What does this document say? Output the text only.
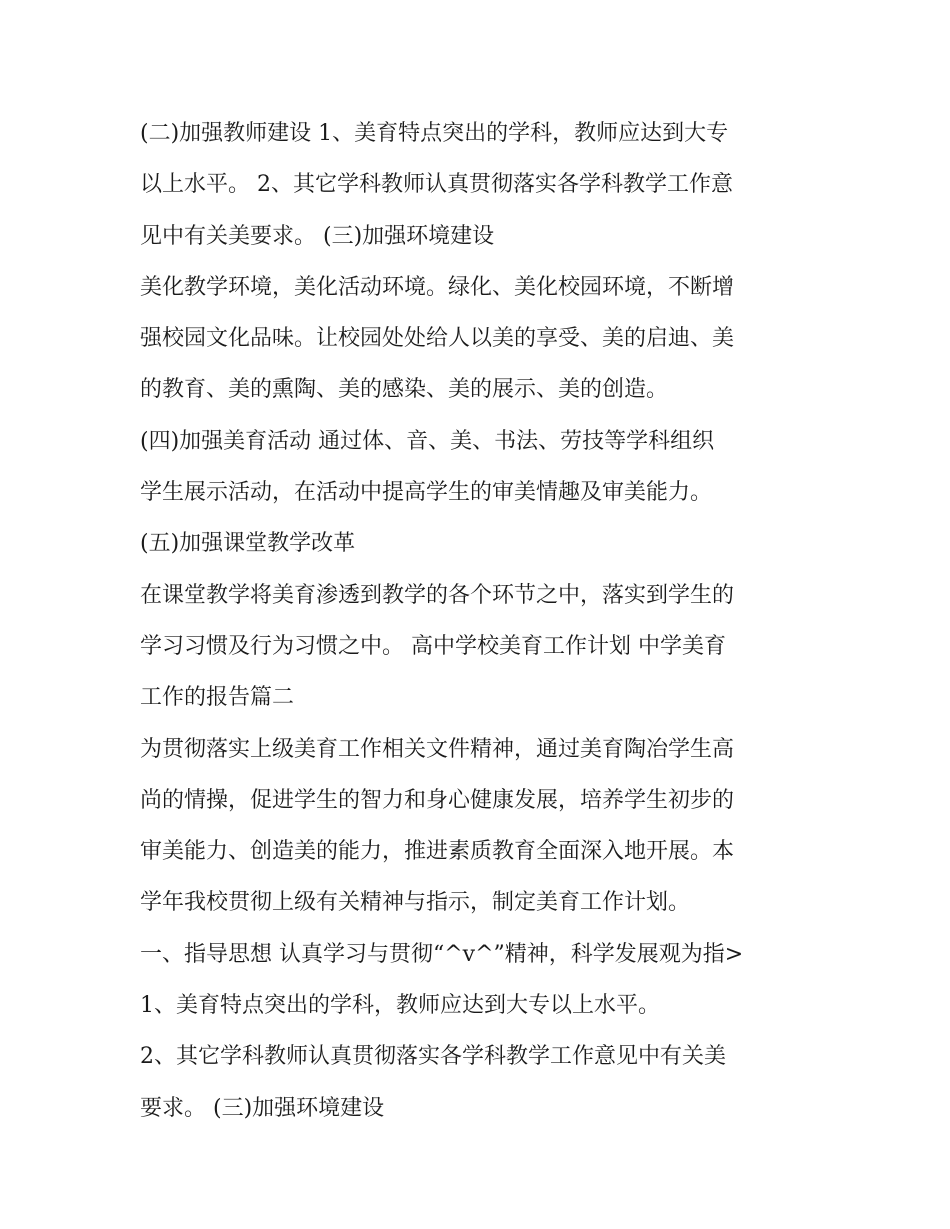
(二)加强教师建设 1、美育特点突出的学科，教师应达到大专
以上水平。 2、其它学科教师认真贯彻落实各学科教学工作意
见中有关美要求。 (三)加强环境建设
美化教学环境，美化活动环境。绿化、美化校园环境，不断增
强校园文化品味。让校园处处给人以美的享受、美的启迪、美
的教育、美的熏陶、美的感染、美的展示、美的创造。
(四)加强美育活动 通过体、音、美、书法、劳技等学科组织
学生展示活动，在活动中提高学生的审美情趣及审美能力。
(五)加强课堂教学改革
在课堂教学将美育渗透到教学的各个环节之中，落实到学生的
学习习惯及行为习惯之中。 高中学校美育工作计划 中学美育
工作的报告篇二
为贯彻落实上级美育工作相关文件精神，通过美育陶冶学生高
尚的情操，促进学生的智力和身心健康发展，培养学生初步的
审美能力、创造美的能力，推进素质教育全面深入地开展。本
学年我校贯彻上级有关精神与指示，制定美育工作计划。
一、指导思想 认真学习与贯彻“^v^”精神，科学发展观为指>
1、美育特点突出的学科，教师应达到大专以上水平。
2、其它学科教师认真贯彻落实各学科教学工作意见中有关美
要求。 (三)加强环境建设
